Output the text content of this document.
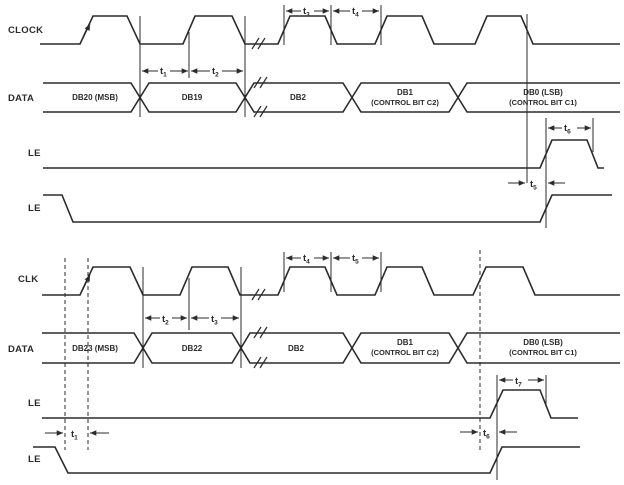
CLOCK
DATA
LE
LE
$t_1$	$t_2$
$t_3$	$t_4$
DB20 (MSB)	DB19	DB2
DB1
(CONTROL BIT C2)
DB0 (LSB)
(CONTROL BIT C1)
$t_6$
$t_5$
CLK
DATA
LE
LE
$t_4$	$t_5$
$t_2$	$t_3$
DB23 (MSB)	DB22	DB2
DB1
(CONTROL BIT C2)
DB0 (LSB)
(CONTROL BIT C1)
$t_7$
$t_6$
$t_1$
